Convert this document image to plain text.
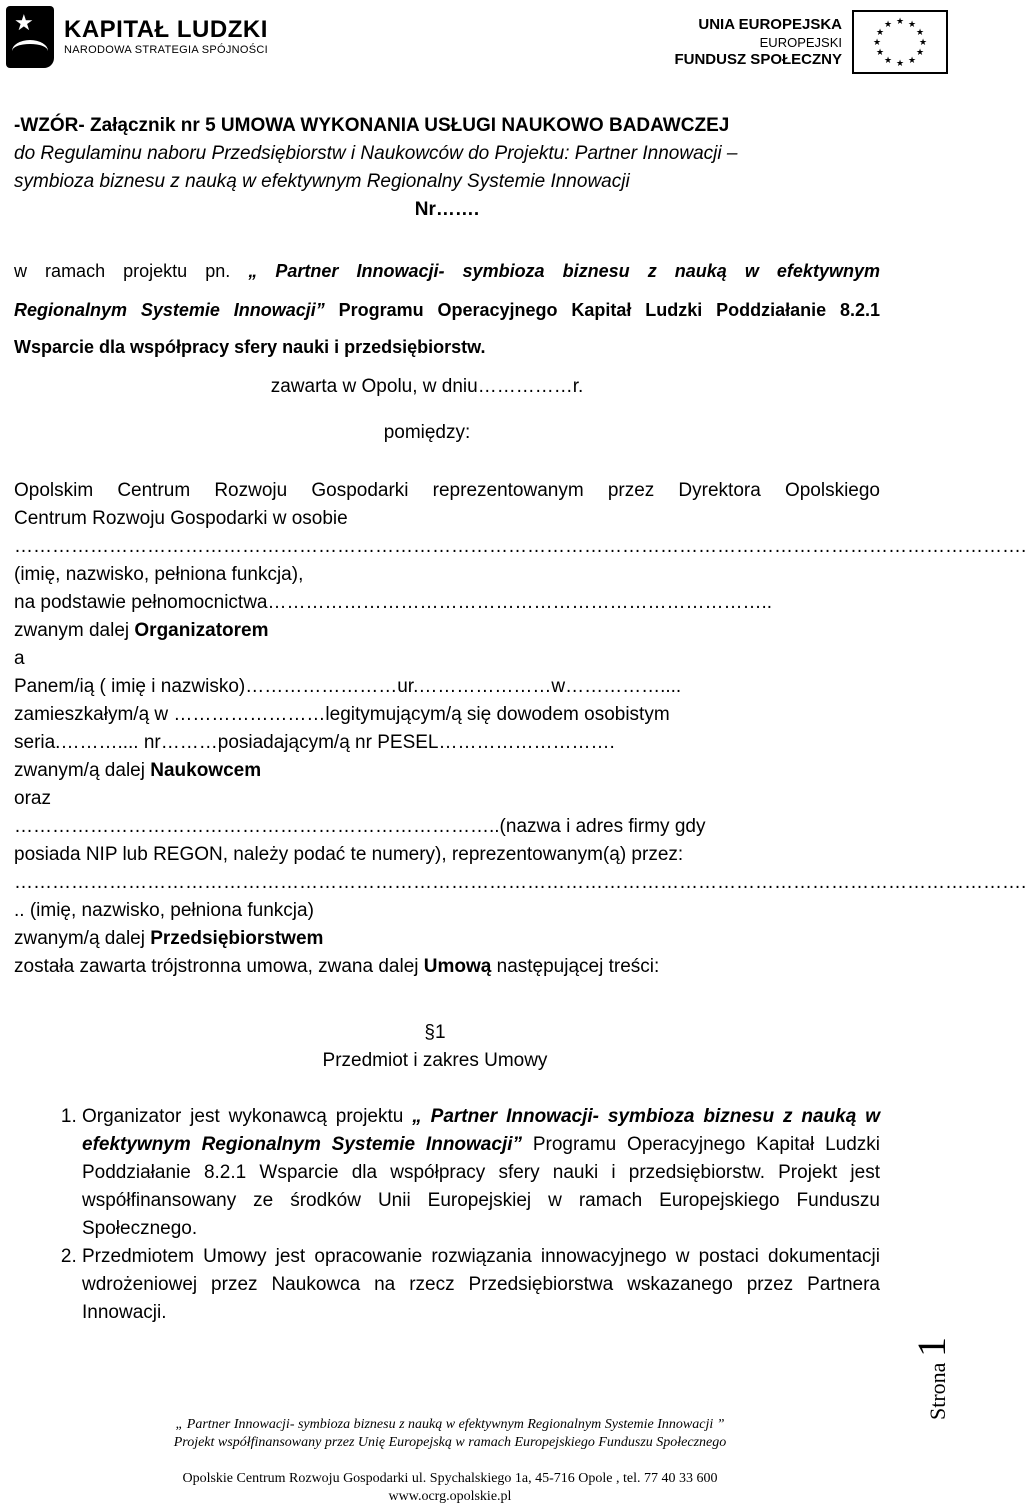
★ KAPITAŁ LUDZKI
NARODOWA STRATEGIA SPÓJNOŚCI
UNIA EUROPEJSKA
EUROPEJSKI
FUNDUSZ SPOŁECZNY
★ ★
★
★
★
★
★
★
★
★
★
★
-WZÓR- Załącznik nr 5 UMOWA WYKONANIA USŁUGI NAUKOWO BADAWCZEJ
do Regulaminu naboru Przedsiębiorstw i Naukowców do Projektu: Partner Innowacji –
symbioza biznesu z nauką w efektywnym Regionalny Systemie Innowacji
Nr…….
w ramach projektu pn. „ Partner Innowacji- symbioza biznesu z nauką w efektywnym
Regionalnym Systemie Innowacji” Programu Operacyjnego Kapitał Ludzki Poddziałanie 8.2.1
Wsparcie dla współpracy sfery nauki i przedsiębiorstw.
zawarta w Opolu, w dniu……………r.
pomiędzy:
Opolskim Centrum Rozwoju Gospodarki reprezentowanym przez Dyrektora Opolskiego
Centrum Rozwoju Gospodarki w osobie
…………………………………………………………………………………………………………………………………………….
(imię, nazwisko, pełniona funkcja),
na podstawie pełnomocnictwa……………………………………………………………………..
zwanym dalej Organizatorem
a
Panem/ią ( imię i nazwisko)……………………ur.…………………w……………....
zamieszkałym/ą w ……………………legitymującym/ą się dowodem osobistym
seria.……….... nr………posiadającym/ą nr PESEL……………………….
zwanym/ą dalej Naukowcem
oraz
…………………………………………………………………..(nazwa i adres firmy gdy
posiada NIP lub REGON, należy podać te numery), reprezentowanym(ą) przez:
…………………………………………………………………………………………………………………………………………….
.. (imię, nazwisko, pełniona funkcja)
zwanym/ą dalej Przedsiębiorstwem
została zawarta trójstronna umowa, zwana dalej Umową następującej treści:
§1
Przedmiot i zakres Umowy
1. Organizator jest wykonawcą projektu „ Partner Innowacji- symbioza biznesu z nauką w efektywnym Regionalnym Systemie Innowacji” Programu Operacyjnego Kapitał Ludzki Poddziałanie 8.2.1 Wsparcie dla współpracy sfery nauki i przedsiębiorstw. Projekt jest współfinansowany ze środków Unii Europejskiej w ramach Europejskiego Funduszu Społecznego.
2. Przedmiotem Umowy jest opracowanie rozwiązania innowacyjnego w postaci dokumentacji wdrożeniowej przez Naukowca na rzecz Przedsiębiorstwa wskazanego przez Partnera Innowacji.
„ Partner Innowacji- symbioza biznesu z nauką w efektywnym Regionalnym Systemie Innowacji ”
Projekt współfinansowany przez Unię Europejską w ramach Europejskiego Funduszu Społecznego
Opolskie Centrum Rozwoju Gospodarki ul. Spychalskiego 1a, 45-716 Opole , tel. 77 40 33 600
www.ocrg.opolskie.pl
Strona 1
